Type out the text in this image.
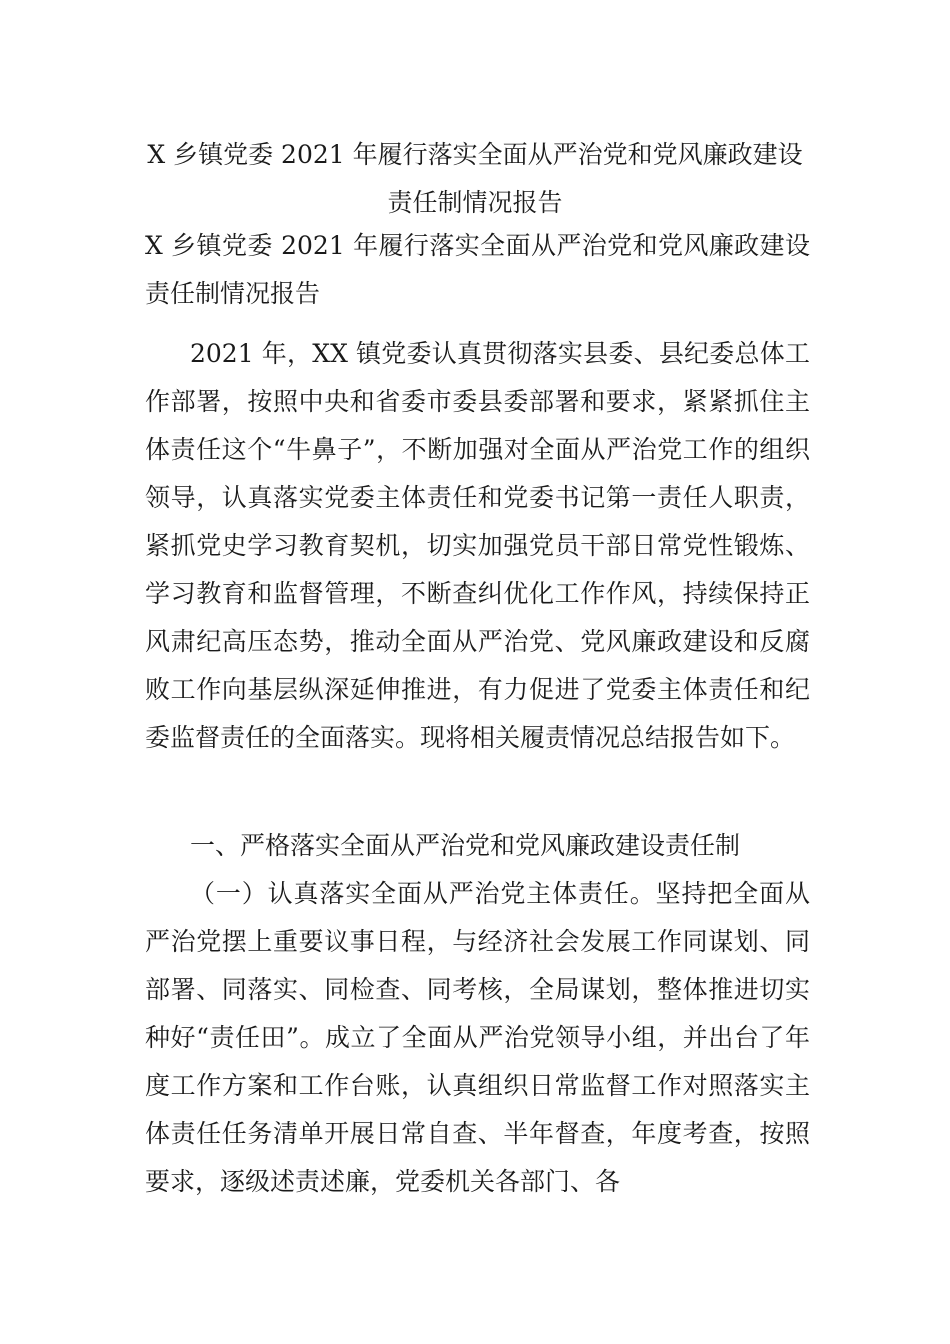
X 乡镇党委 2021 年履行落实全面从严治党和党风廉政建设
责任制情况报告

X 乡镇党委 2021 年履行落实全面从严治党和党风廉政建设责任制情况报告

2021 年，XX 镇党委认真贯彻落实县委、县纪委总体工作部署，按照中央和省委市委县委部署和要求，紧紧抓住主体责任这个“牛鼻子”，不断加强对全面从严治党工作的组织领导，认真落实党委主体责任和党委书记第一责任人职责，紧抓党史学习教育契机，切实加强党员干部日常党性锻炼、学习教育和监督管理，不断查纠优化工作作风，持续保持正风肃纪高压态势，推动全面从严治党、党风廉政建设和反腐败工作向基层纵深延伸推进，有力促进了党委主体责任和纪委监督责任的全面落实。现将相关履责情况总结报告如下。

一、严格落实全面从严治党和党风廉政建设责任制

（一）认真落实全面从严治党主体责任。坚持把全面从严治党摆上重要议事日程，与经济社会发展工作同谋划、同部署、同落实、同检查、同考核，全局谋划，整体推进切实种好“责任田”。成立了全面从严治党领导小组，并出台了年度工作方案和工作台账，认真组织日常监督工作对照落实主体责任任务清单开展日常自查、半年督查，年度考查，按照要求，逐级述责述廉，党委机关各部门、各
